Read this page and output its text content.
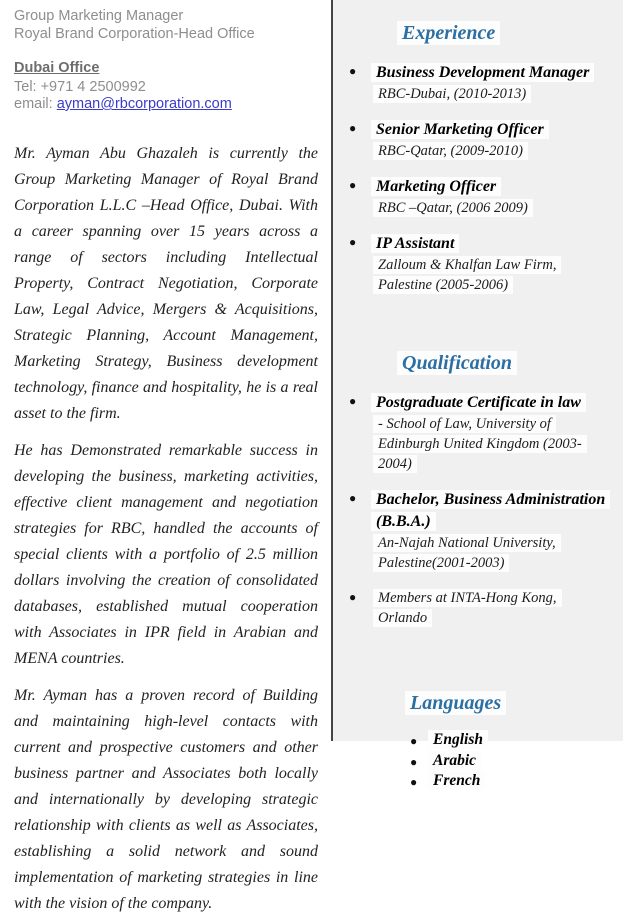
Group Marketing Manager
Royal Brand Corporation-Head Office
Dubai Office
Tel: +971 4 2500992
email: ayman@rbcorporation.com

Mr. Ayman Abu Ghazaleh is currently the Group Marketing Manager of Royal Brand Corporation L.L.C –Head Office, Dubai. With a career spanning over 15 years across a range of sectors including Intellectual Property, Contract Negotiation, Corporate Law, Legal Advice, Mergers & Acquisitions, Strategic Planning, Account Management, Marketing Strategy, Business development technology, finance and hospitality, he is a real asset to the firm.

He has Demonstrated remarkable success in developing the business, marketing activities, effective client management and negotiation strategies for RBC, handled the accounts of special clients with a portfolio of 2.5 million dollars involving the creation of consolidated databases, established mutual cooperation with Associates in IPR field in Arabian and MENA countries.

Mr. Ayman has a proven record of Building and maintaining high-level contacts with current and prospective customers and other business partner and Associates both locally and internationally by developing strategic relationship with clients as well as Associates, establishing a solid network and sound implementation of marketing strategies in line with the vision of the company.

Experience
● Business Development Manager
RBC-Dubai, (2010-2013)
● Senior Marketing Officer
RBC-Qatar, (2009-2010)
● Marketing Officer
RBC –Qatar, (2006 2009)
● IP Assistant
Zalloum & Khalfan Law Firm, Palestine (2005-2006)
Qualification
● Postgraduate Certificate in law
- School of Law, University of Edinburgh United Kingdom (2003-2004)
● Bachelor, Business Administration (B.B.A.)
An-Najah National University, Palestine(2001-2003)
●	Members at INTA-Hong Kong, Orlando
Languages
● English
● Arabic
● French
